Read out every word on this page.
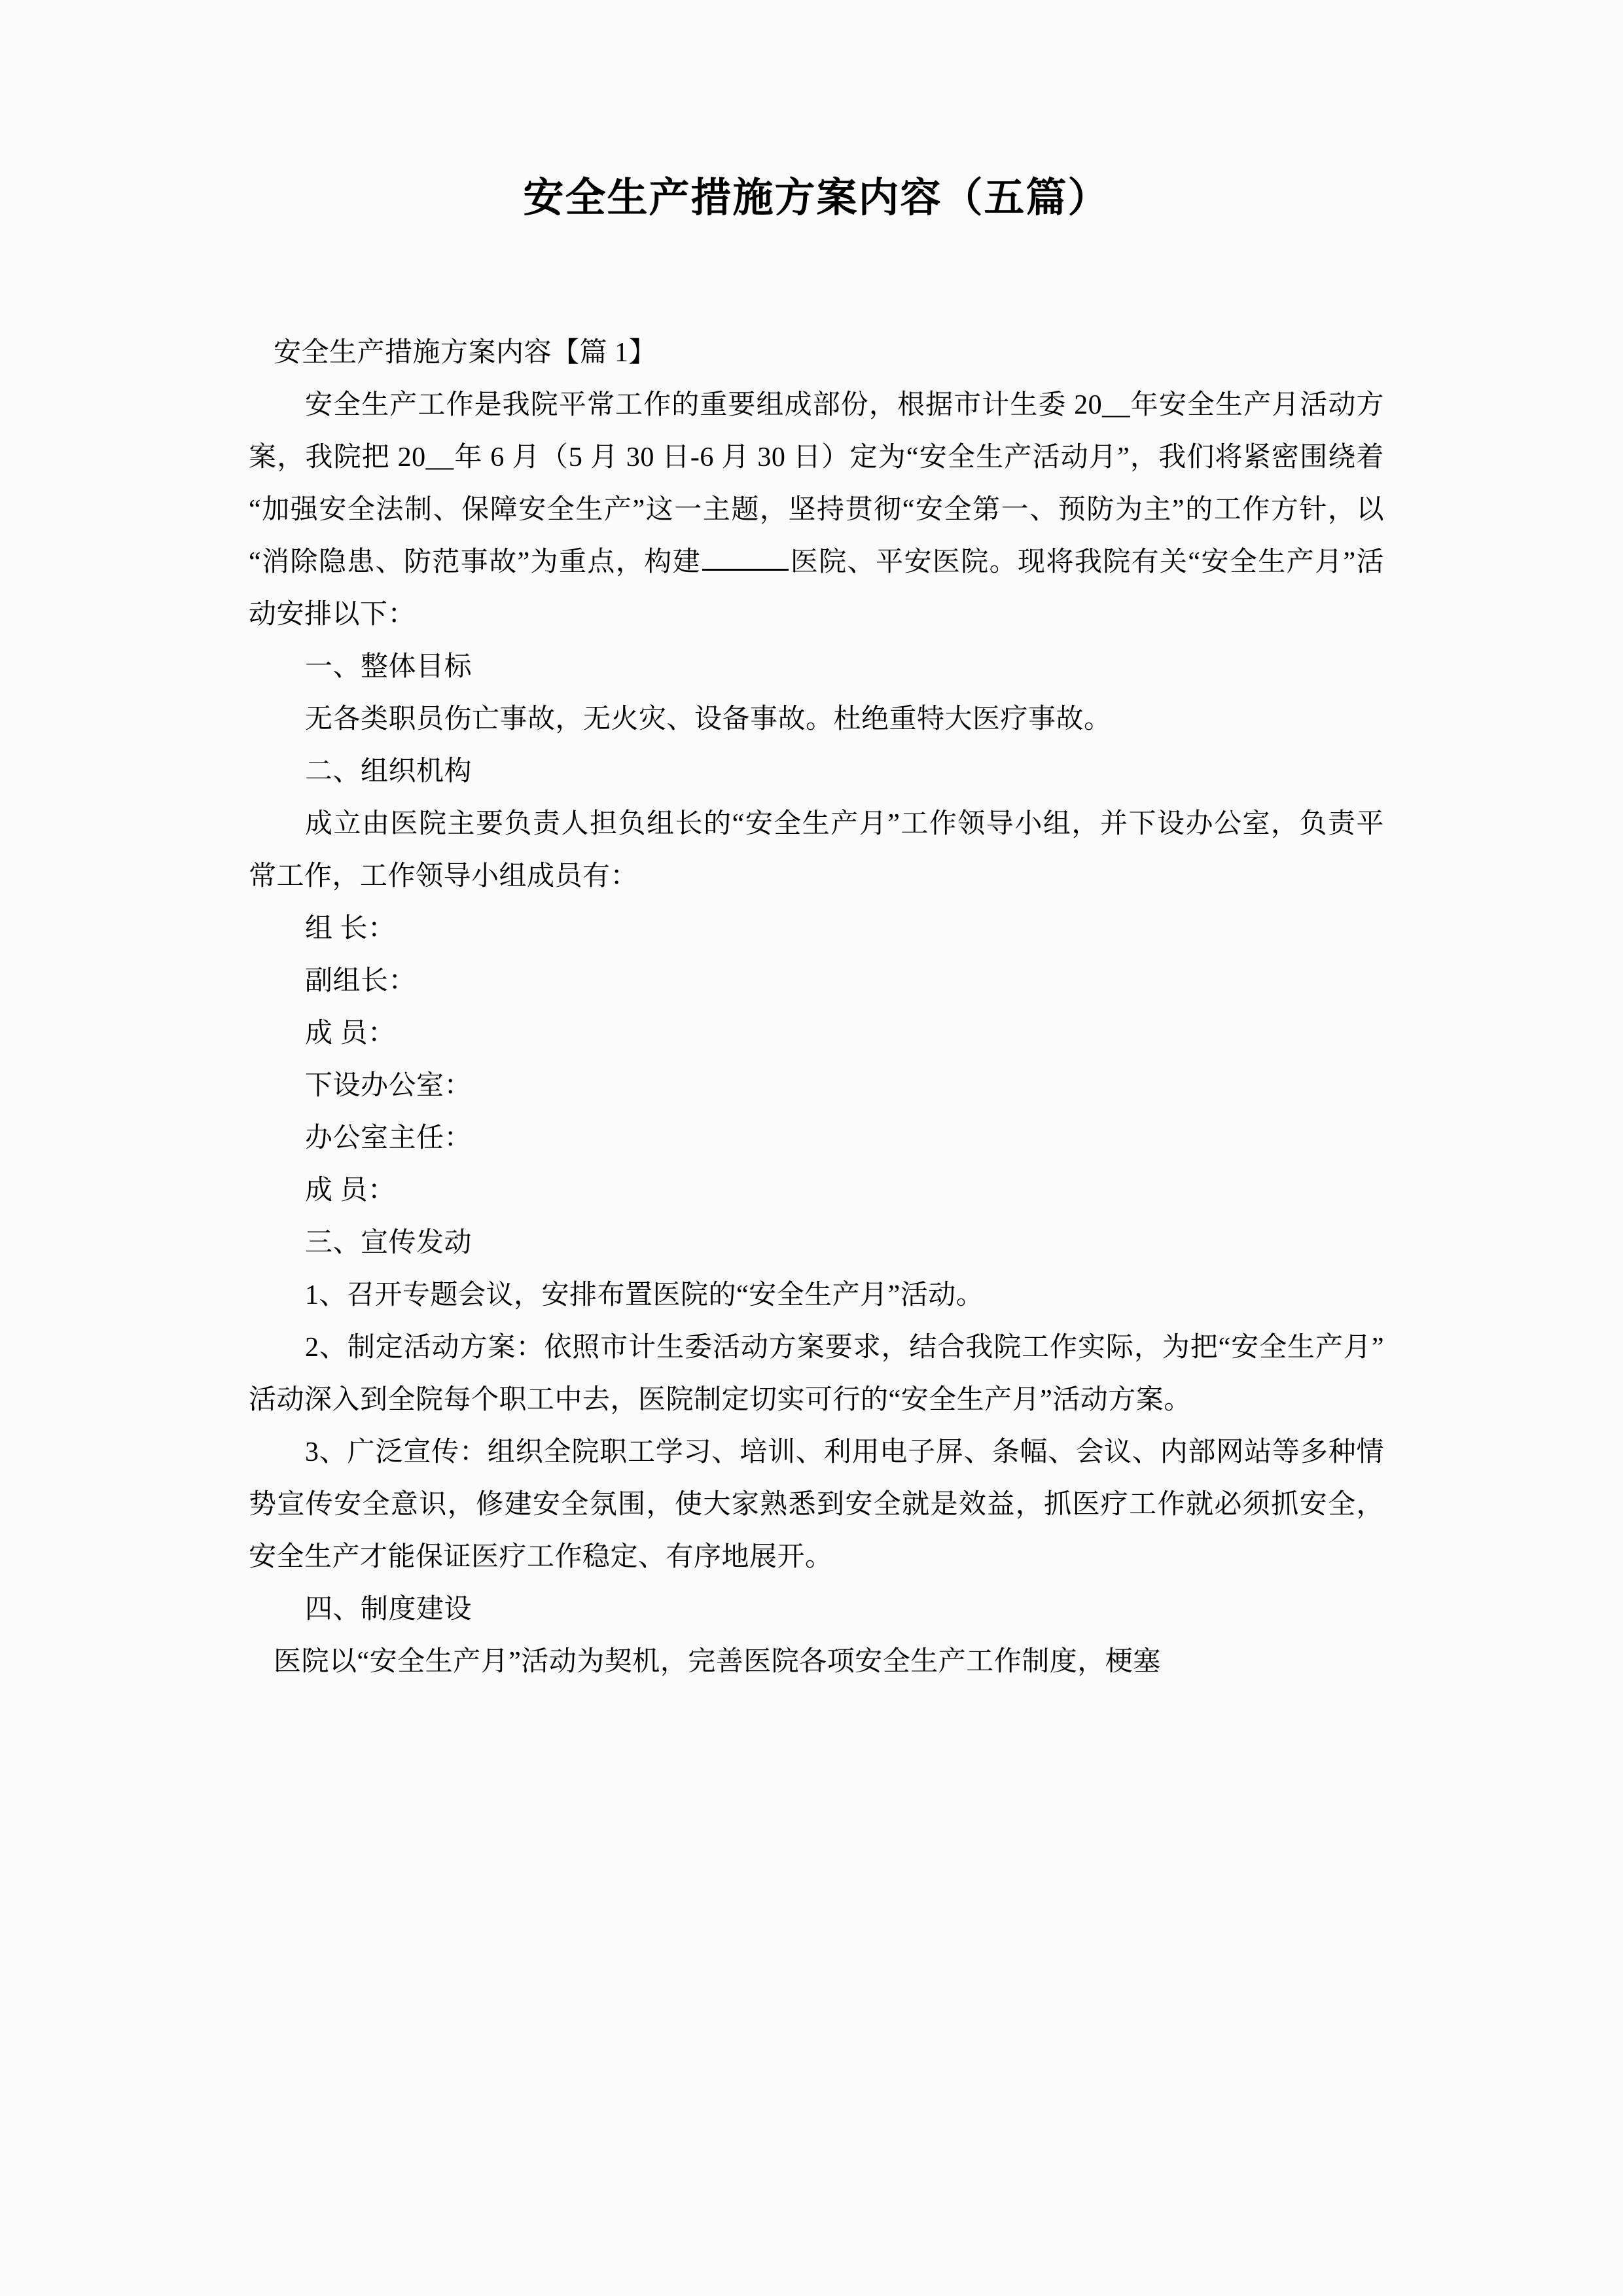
安全生产措施方案内容（五篇）

安全生产措施方案内容【篇 1】

安全生产工作是我院平常工作的重要组成部份，根据市计生委 20__年安全生产月活动方案，我院把 20__年 6 月（5 月 30 日-6 月 30 日）定为“安全生产活动月”，我们将紧密围绕着“加强安全法制、保障安全生产”这一主题，坚持贯彻“安全第一、预防为主”的工作方针，以“消除隐患、防范事故”为重点，构建	医院、平安医院。现将我院有关“安全生产月”活动安排以下：

一、整体目标

无各类职员伤亡事故，无火灾、设备事故。杜绝重特大医疗事故。

二、组织机构

成立由医院主要负责人担负组长的“安全生产月”工作领导小组，并下设办公室，负责平常工作，工作领导小组成员有：

组 长：

副组长：

成 员：

下设办公室：

办公室主任：

成 员：

三、宣传发动

1、召开专题会议，安排布置医院的“安全生产月”活动。

2、制定活动方案：依照市计生委活动方案要求，结合我院工作实际，为把“安全生产月”活动深入到全院每个职工中去，医院制定切实可行的“安全生产月”活动方案。

3、广泛宣传：组织全院职工学习、培训、利用电子屏、条幅、会议、内部网站等多种情势宣传安全意识，修建安全氛围，使大家熟悉到安全就是效益，抓医疗工作就必须抓安全，安全生产才能保证医疗工作稳定、有序地展开。

四、制度建设

医院以“安全生产月”活动为契机，完善医院各项安全生产工作制度，梗塞
